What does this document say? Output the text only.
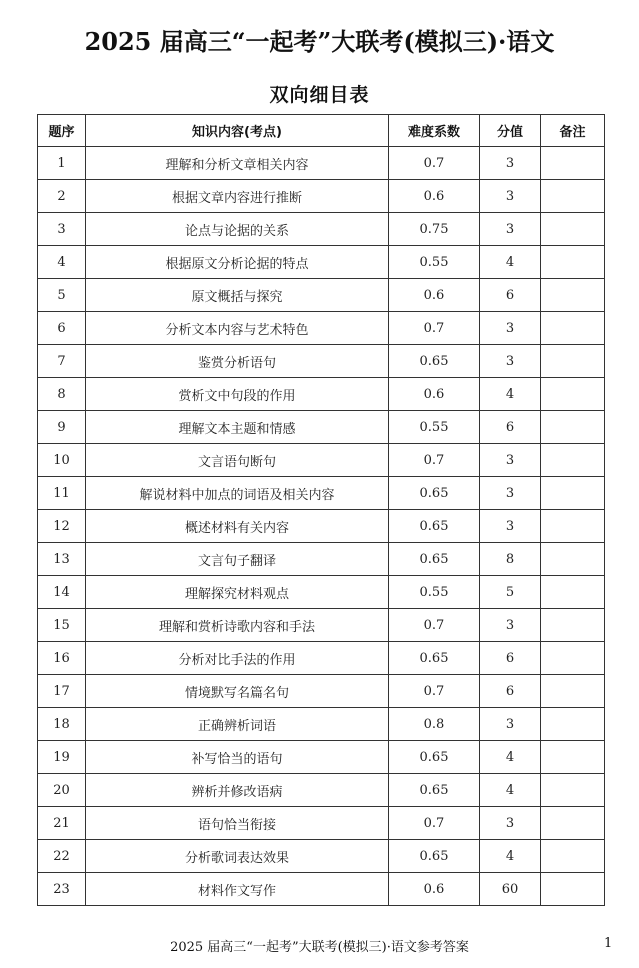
2025 届高三“一起考”大联考(模拟三)·语文
双向细目表
题序	知识内容(考点)	难度系数	分值	备注
1	理解和分析文章相关内容	0.7	3	
2	根据文章内容进行推断	0.6	3	
3	论点与论据的关系	0.75	3	
4	根据原文分析论据的特点	0.55	4	
5	原文概括与探究	0.6	6	
6	分析文本内容与艺术特色	0.7	3	
7	鉴赏分析语句	0.65	3	
8	赏析文中句段的作用	0.6	4	
9	理解文本主题和情感	0.55	6	
10	文言语句断句	0.7	3	
11	解说材料中加点的词语及相关内容	0.65	3	
12	概述材料有关内容	0.65	3	
13	文言句子翻译	0.65	8	
14	理解探究材料观点	0.55	5	
15	理解和赏析诗歌内容和手法	0.7	3	
16	分析对比手法的作用	0.65	6	
17	情境默写名篇名句	0.7	6	
18	正确辨析词语	0.8	3	
19	补写恰当的语句	0.65	4	
20	辨析并修改语病	0.65	4	
21	语句恰当衔接	0.7	3	
22	分析歌词表达效果	0.65	4	
23	材料作文写作	0.6	60	
2025 届高三“一起考”大联考(模拟三)·语文参考答案	1
